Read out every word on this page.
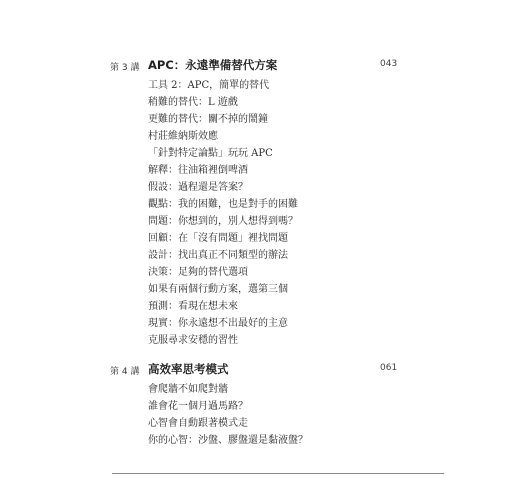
第 3 講 APC：永遠準備替代方案	043
工具 2：APC，簡單的替代
稍難的替代：L 遊戲
更難的替代：關不掉的鬧鐘
村莊維納斯效應
「針對特定論點」玩玩 APC
解釋：往油箱裡倒啤酒
假設：過程還是答案？
觀點：我的困難，也是對手的困難
問題：你想到的，別人想得到嗎？
回顧：在「沒有問題」裡找問題
設計：找出真正不同類型的辦法
決策：足夠的替代選項
如果有兩個行動方案，選第三個
預測：看現在想未來
現實：你永遠想不出最好的主意
克服尋求安穩的習性
第 4 講 高效率思考模式	061
會爬牆不如爬對牆
誰會花一個月過馬路？
心智會自動跟著模式走
你的心智：沙盤、膠盤還是黏液盤？
